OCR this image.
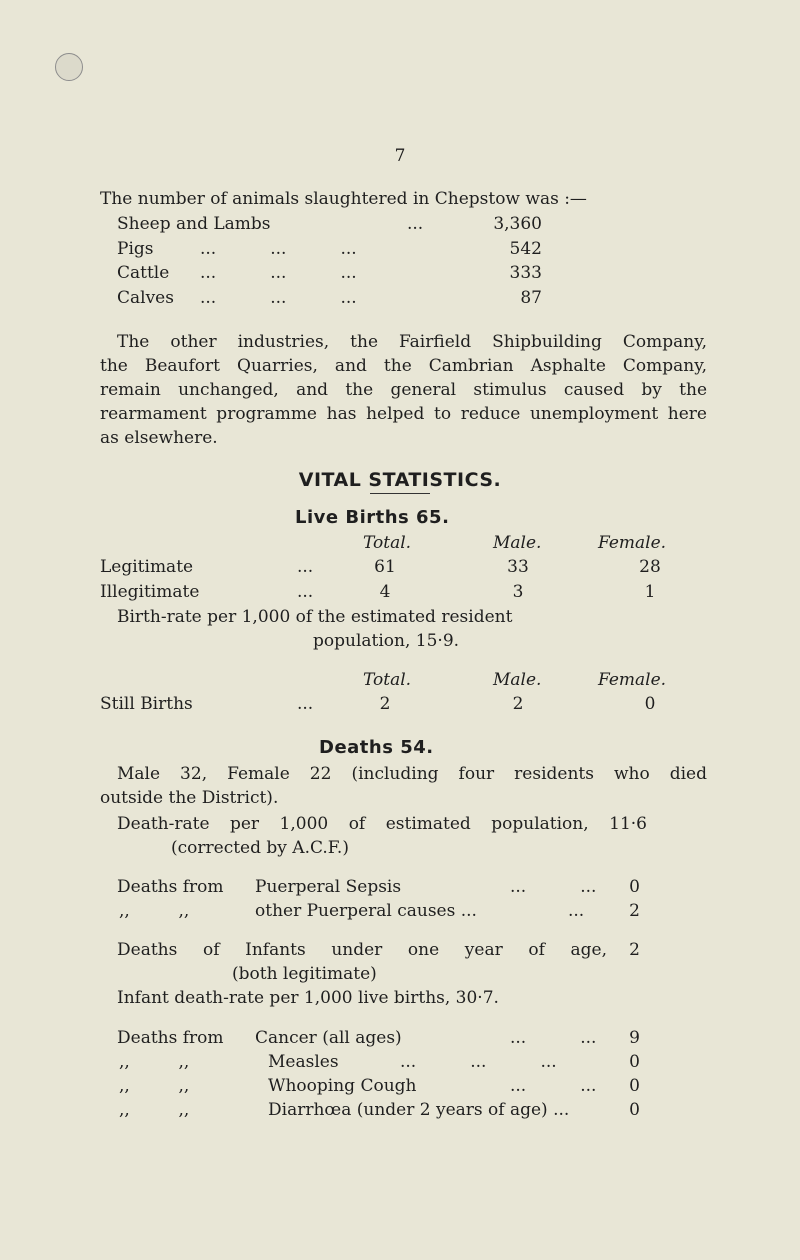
7
The number of animals slaughtered in Chepstow was :—
Sheep and Lambs	...	3,360
Pigs	...          ...          ...	542
Cattle ...          ...          ...	333
Calves ...          ...          ...	87
The other industries, the Fairfield Shipbuilding Company,
the Beaufort Quarries, and the Cambrian Asphalte Company,
remain unchanged, and the general stimulus caused by the
rearmament programme has helped to reduce unemployment here
as elsewhere.
VITAL STATISTICS.
Live Births 65.
Total.	Male.	Female.
Legitimate	...	61	33	28
Illegitimate	...	4	3	1
Birth-rate per 1,000 of the estimated resident
population, 15·9.
Total.	Male.	Female.
Still Births	...	2	2	0
Deaths 54.
Male 32, Female 22 (including four residents who died
outside the District).
Death-rate per 1,000 of estimated population, 11·6
(corrected by A.C.F.)
Deaths from Puerperal Sepsis	...          ...	0
,,         ,,	other Puerperal causes ...	...	2
Deaths of Infants under one year of age,	2
(both legitimate)
Infant death-rate per 1,000 live births, 30·7.
Deaths from Cancer (all ages)	...          ...	9
,,         ,,	Measles	...          ...          ...	0
,,         ,,	Whooping Cough	...          ...	0
,,         ,,	Diarrhœa (under 2 years of age) ...	0
